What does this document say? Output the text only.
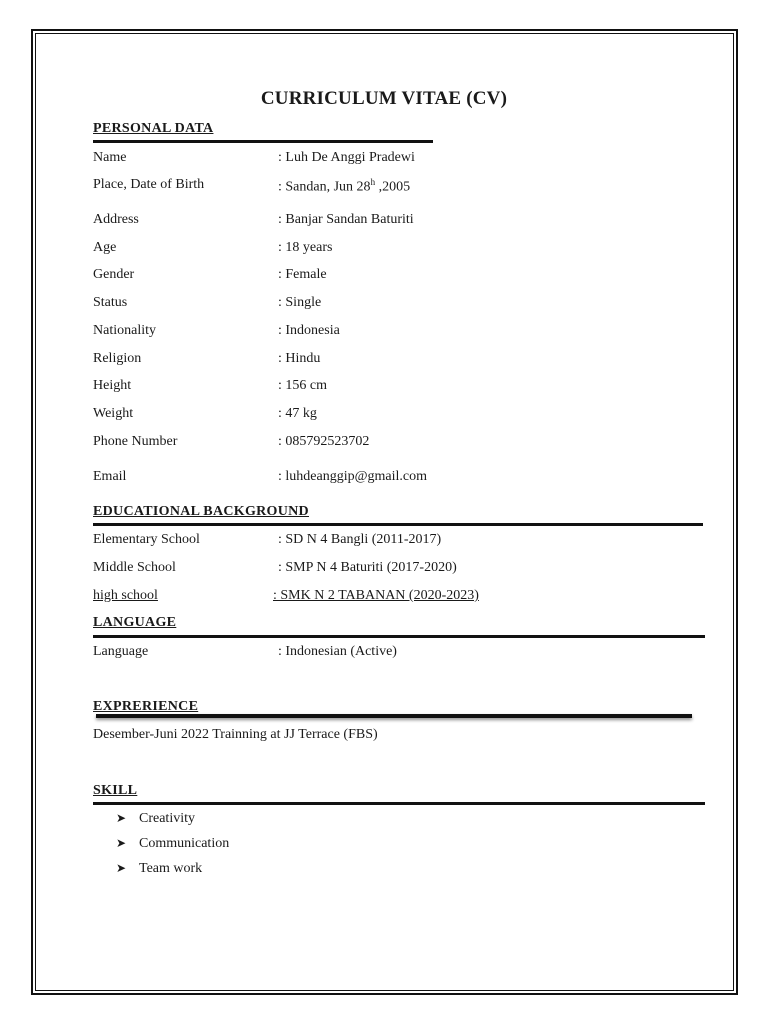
CURRICULUM VITAE (CV)
PERSONAL DATA
Name	: Luh De Anggi Pradewi
Place, Date of Birth	: Sandan, Jun 28$^h$ ,2005
Address	: Banjar Sandan Baturiti
Age	: 18 years
Gender	: Female
Status	: Single
Nationality	: Indonesia
Religion	: Hindu
Height	: 156 cm
Weight	: 47 kg
Phone Number	: 085792523702
Email	: luhdeanggip@gmail.com
EDUCATIONAL BACKGROUND
Elementary School	: SD N 4 Bangli (2011-2017)
Middle School	: SMP N 4 Baturiti (2017-2020)
high school	: SMK N 2 TABANAN (2020-2023)
LANGUAGE
Language	: Indonesian (Active)
EXPRERIENCE
Desember-Juni 2022 Trainning at JJ Terrace (FBS)
SKILL
➤ Creativity
➤ Communication
➤ Team work
